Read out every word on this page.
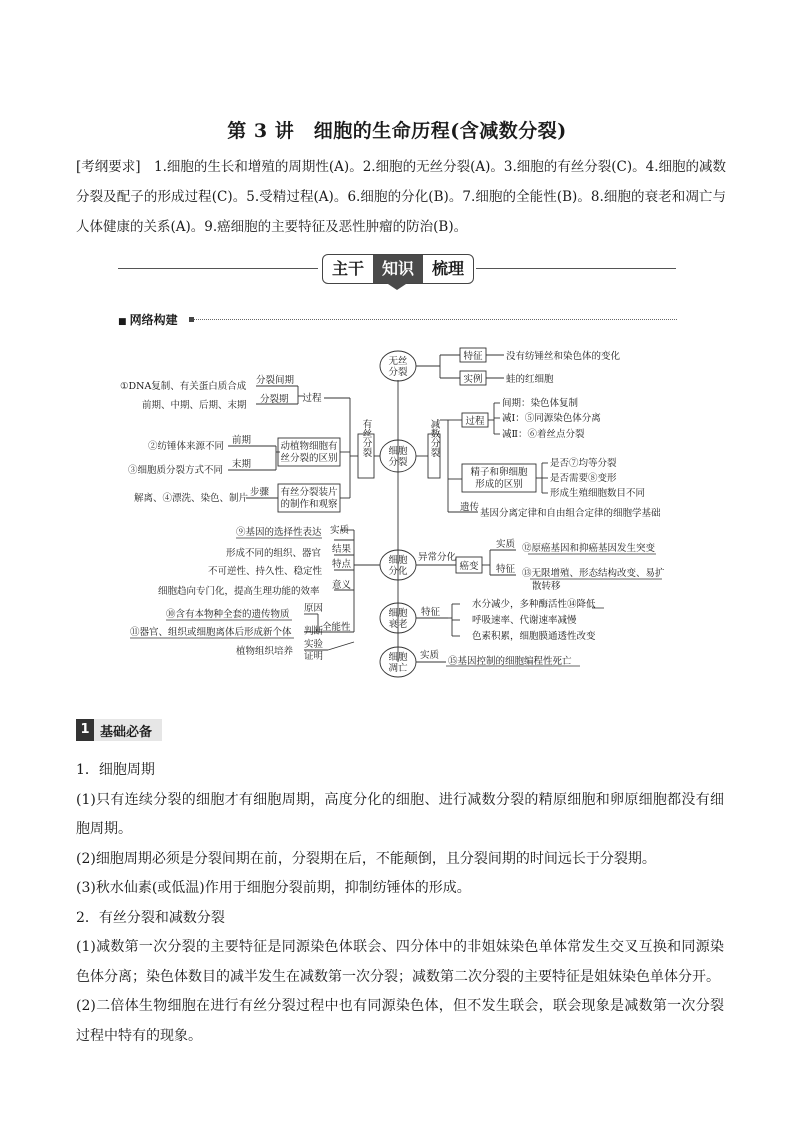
第 3 讲　细胞的生命历程(含减数分裂)
[考纲要求]　1.细胞的生长和增殖的周期性(A)。2.细胞的无丝分裂(A)。3.细胞的有丝分裂(C)。4.细胞的减数分裂及配子的形成过程(C)。5.受精过程(A)。6.细胞的分化(B)。7.细胞的全能性(B)。8.细胞的衰老和凋亡与人体健康的关系(A)。9.癌细胞的主要特征及恶性肿瘤的防治(B)。
主干	知识	梳理
■ 网络构建
细胞
分裂
无丝
分裂
特征 没有纺锤丝和染色体的变化
实例 蛙的红细胞
过程
间期：染色体复制
减Ⅰ：⑤同源染色体分离
减Ⅱ：⑥着丝点分裂
精子和卵细胞
形成的区别
是否⑦均等分裂
是否需要⑧变形
形成生殖细胞数目不同
遗传
基因分离定律和自由组合定律的细胞学基础
过程
分裂间期
①DNA复制、有关蛋白质合成
分裂期
前期、中期、后期、末期
动植物细胞有
丝分裂的区别
前期
②纺锤体来源不同
末期
③细胞质分裂方式不同
有丝分裂装片
的制作和观察
步骤
解离、④漂洗、染色、制片
细胞
分化
实质
⑨基因的选择性表达
结果
形成不同的组织、器官
特点
不可逆性、持久性、稳定性
意义
细胞趋向专门化，提高生理功能的效率
全能性
原因
⑩含有本物种全套的遗传物质
判断
⑪器官、组织或细胞离体后形成新个体
实验
证明
植物组织培养
异常分化
癌变
实质 ⑫原癌基因和抑癌基因发生突变
特征 ⑬无限增殖、形态结构改变、易扩
散转移
细胞
衰老
特征
水分减少，多种酶活性⑭降低
呼吸速率、代谢速率减慢
色素积累，细胞膜通透性改变
细胞
凋亡
实质
⑮基因控制的细胞编程性死亡
减数分裂
有丝分裂
1 基础必备

1．细胞周期

(1)只有连续分裂的细胞才有细胞周期，高度分化的细胞、进行减数分裂的精原细胞和卵原细胞都没有细胞周期。

(2)细胞周期必须是分裂间期在前，分裂期在后，不能颠倒，且分裂间期的时间远长于分裂期。

(3)秋水仙素(或低温)作用于细胞分裂前期，抑制纺锤体的形成。

2．有丝分裂和减数分裂

(1)减数第一次分裂的主要特征是同源染色体联会、四分体中的非姐妹染色单体常发生交叉互换和同源染色体分离；染色体数目的减半发生在减数第一次分裂；减数第二次分裂的主要特征是姐妹染色单体分开。

(2)二倍体生物细胞在进行有丝分裂过程中也有同源染色体，但不发生联会，联会现象是减数第一次分裂过程中特有的现象。
